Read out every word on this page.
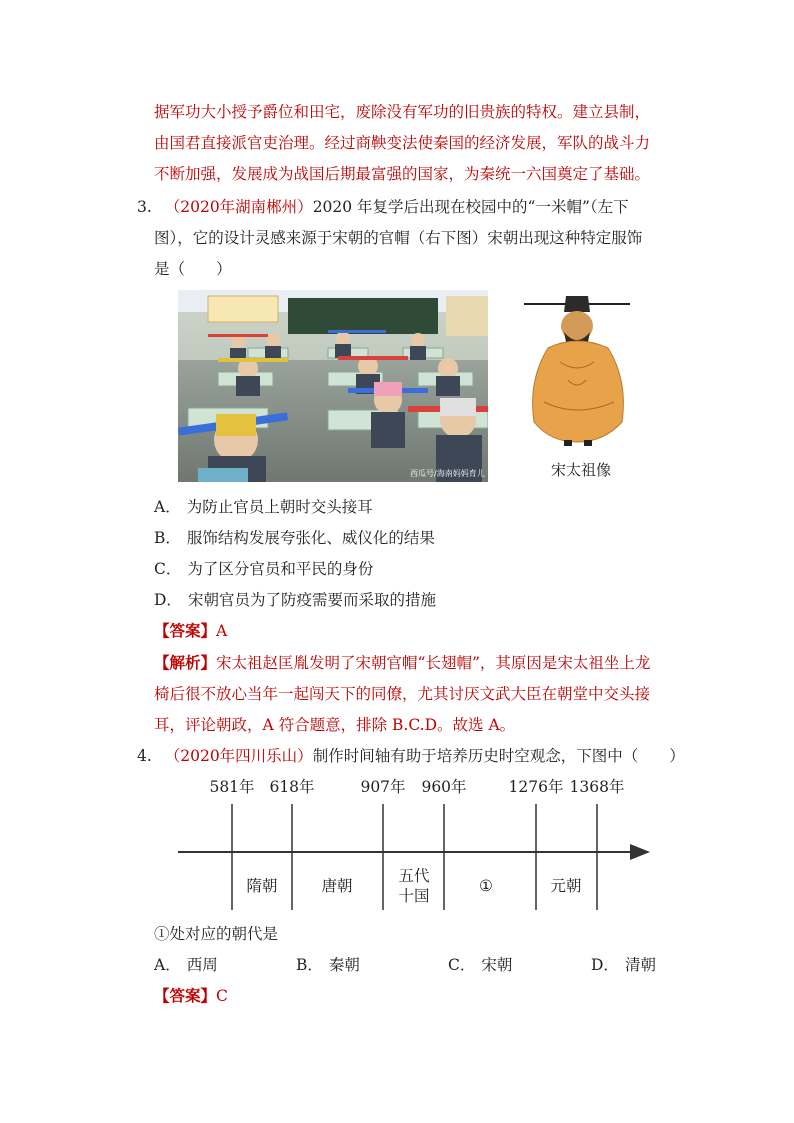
据军功大小授予爵位和田宅，废除没有军功的旧贵族的特权。建立县制，
由国君直接派官吏治理。经过商鞅变法使秦国的经济发展，军队的战斗力
不断加强，发展成为战国后期最富强的国家，为秦统一六国奠定了基础。
3. （2020年湖南郴州）2020 年复学后出现在校园中的“一米帽”（左下
图），它的设计灵感来源于宋朝的官帽（右下图）宋朝出现这种特定服饰
是（　　）
西瓜号/海南妈妈育儿	宋太祖像
A． 为防止官员上朝时交头接耳
B． 服饰结构发展夸张化、威仪化的结果
C． 为了区分官员和平民的身份
D． 宋朝官员为了防疫需要而采取的措施
【答案】A
【解析】宋太祖赵匡胤发明了宋朝官帽“长翅帽”，其原因是宋太祖坐上龙
椅后很不放心当年一起闯天下的同僚，尤其讨厌文武大臣在朝堂中交头接
耳，评论朝政，A 符合题意，排除 B.C.D。故选 A。
4. （2020年四川乐山）制作时间轴有助于培养历史时空观念，下图中（　　）
581年 618年	907年 960年	1276年 1368年
隋朝	唐朝
五代
十国
①	元朝
①处对应的朝代是
A． 西周	B． 秦朝	C． 宋朝	D． 清朝
【答案】C
